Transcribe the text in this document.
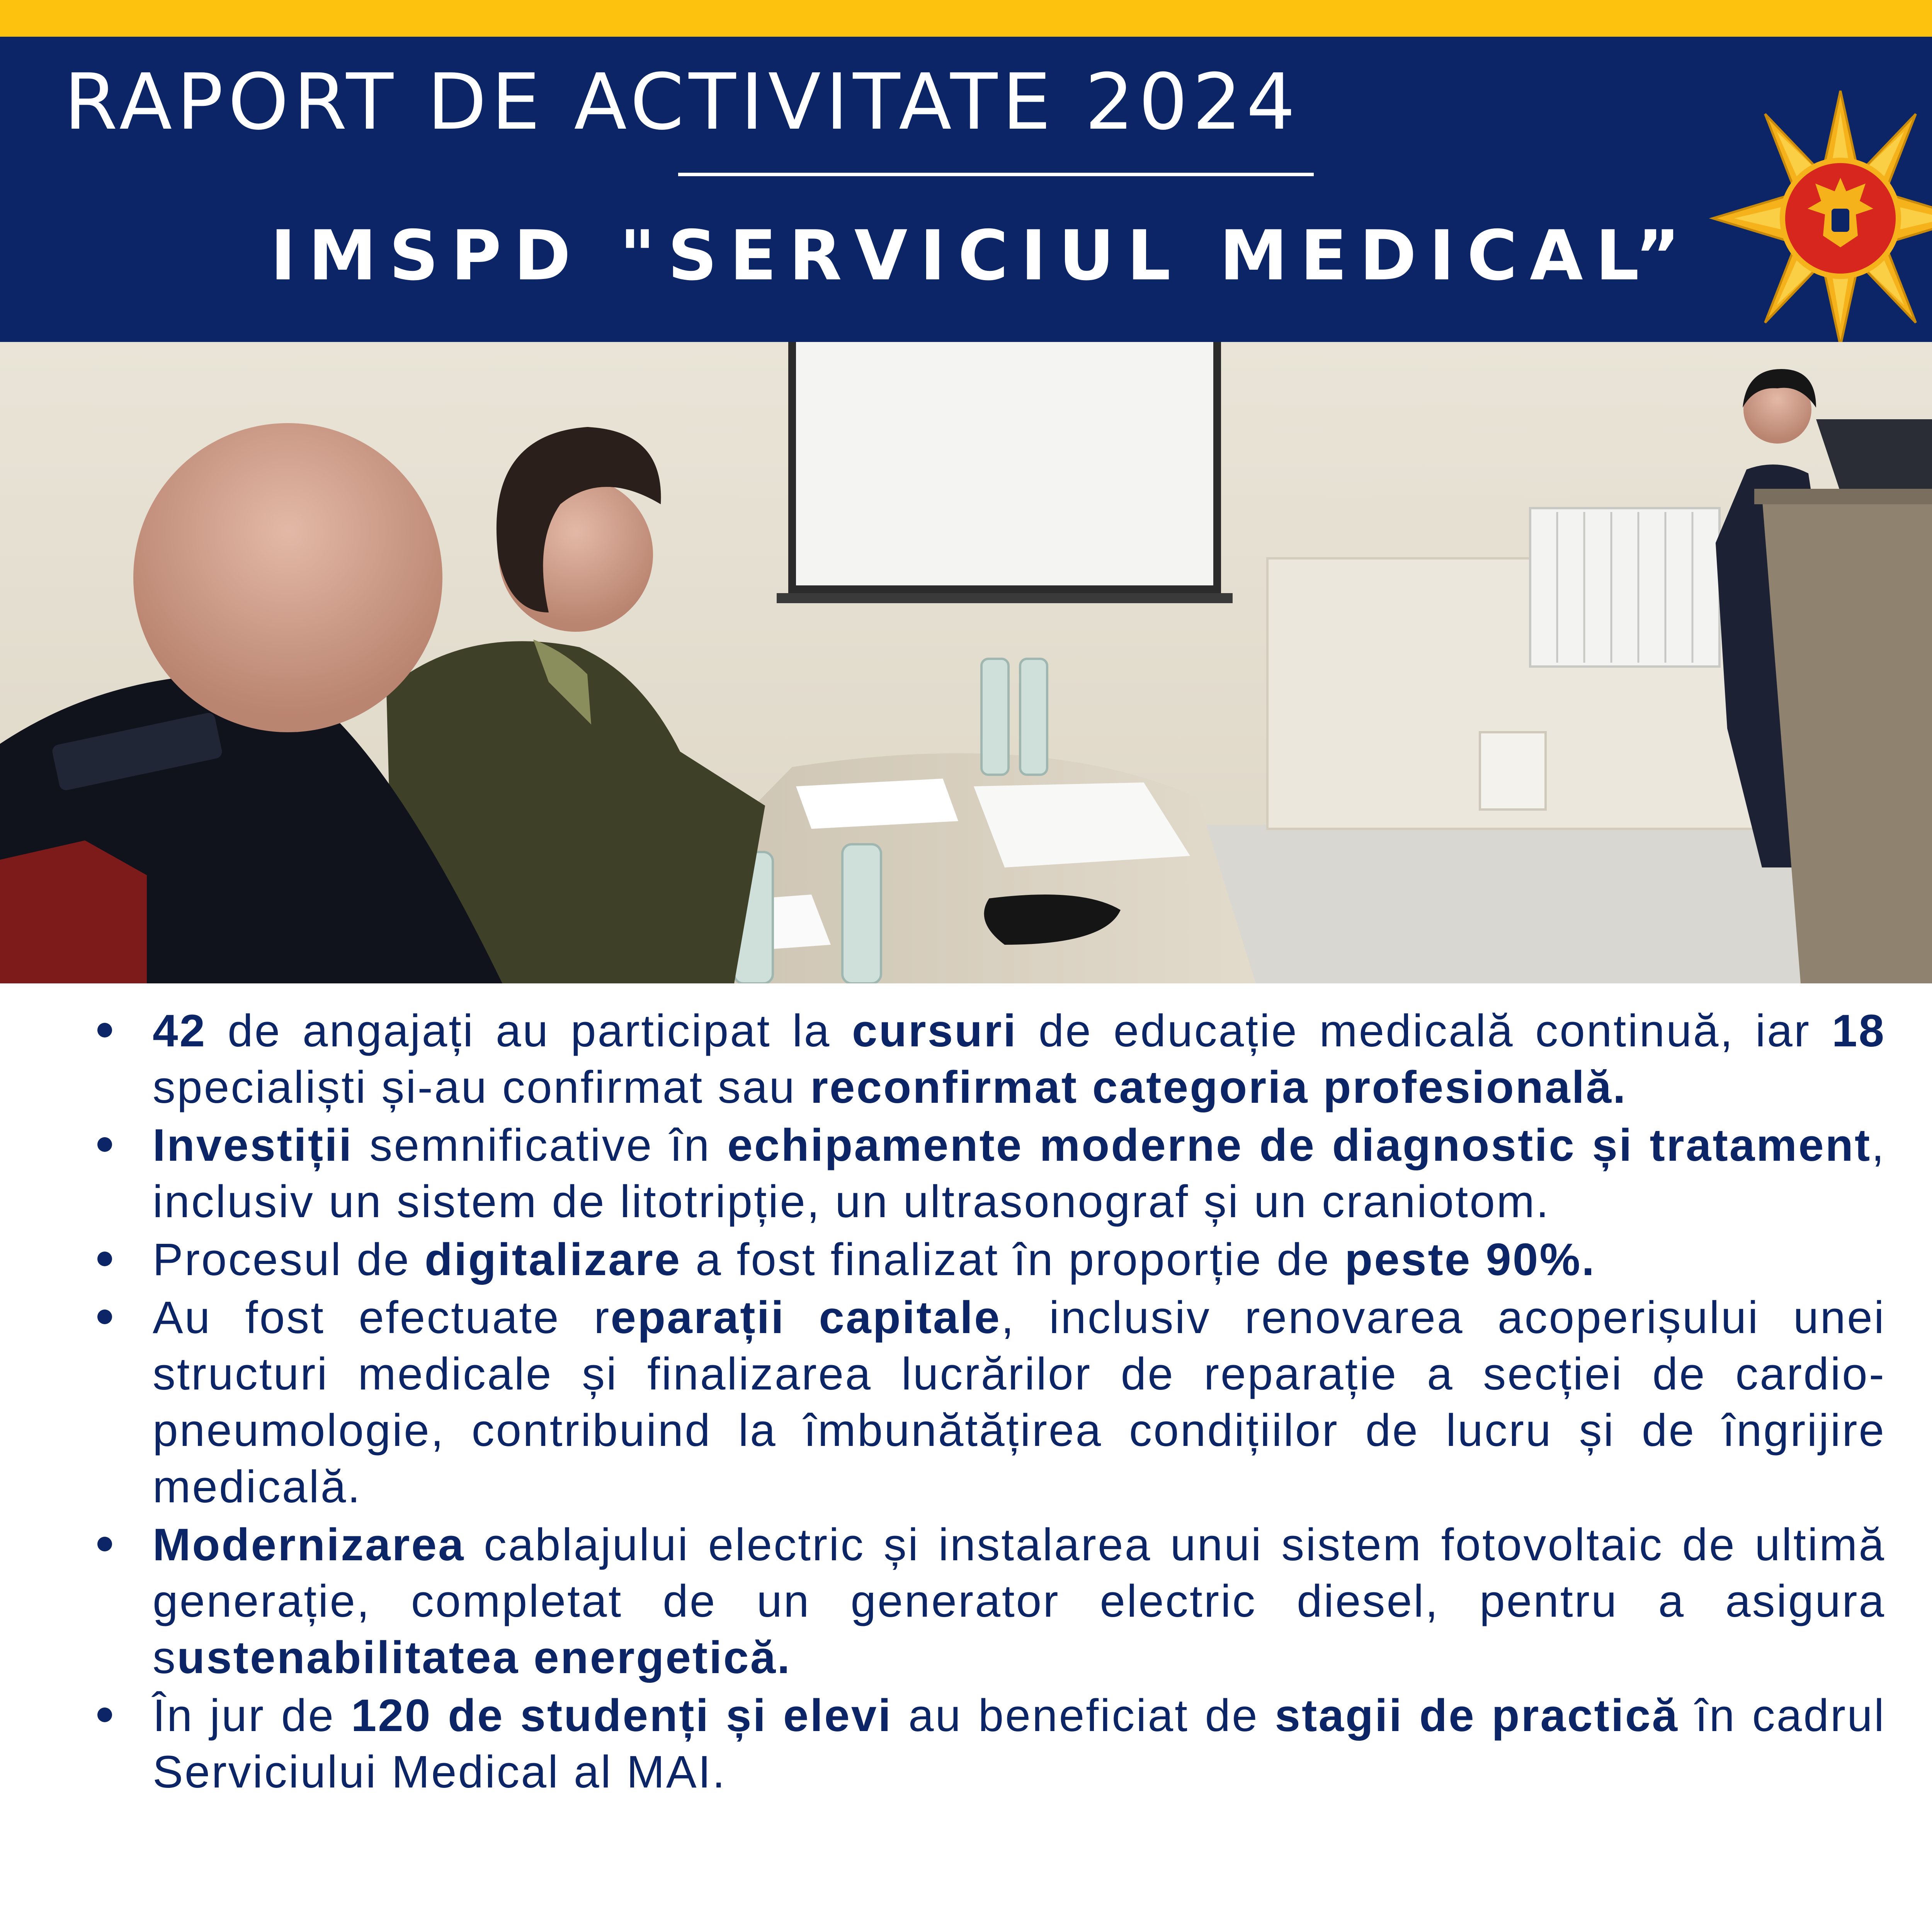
RAPORT DE ACTIVITATE 2024
IMSPD "SERVICIUL MEDICAL”
42 de angajați au participat la cursuri de educație medicală continuă, iar 18 specialiști și-au confirmat sau reconfirmat categoria profesională.
Investiții semnificative în echipamente moderne de diagnostic și tratament, inclusiv un sistem de litotripție, un ultrasonograf și un craniotom.
Procesul de digitalizare a fost finalizat în proporție de peste 90%.
Au fost efectuate reparații capitale, inclusiv renovarea acoperișului unei structuri medicale și finalizarea lucrărilor de reparație a secției de cardio-pneumologie, contribuind la îmbunătățirea condițiilor de lucru și de îngrijire medicală.
Modernizarea cablajului electric și instalarea unui sistem fotovoltaic de ultimă generație, completat de un generator electric diesel, pentru a asigura sustenabilitatea energetică.
În jur de 120 de studenți și elevi au beneficiat de stagii de practică în cadrul Serviciului Medical al MAI.
